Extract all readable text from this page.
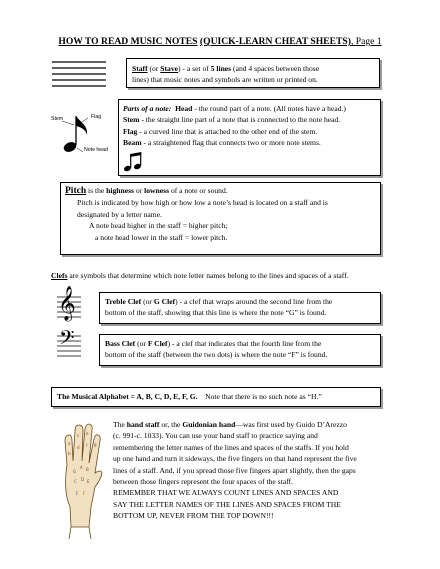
HOW TO READ MUSIC NOTES (QUICK-LEARN CHEAT SHEETS), Page 1
Staff (or Stave) - a set of 5 lines (and 4 spaces between those
lines) that music notes and symbols are written or printed on.
Stem	Flag
Note head
Parts of a note: Head - the round part of a note. (All notes have a head.)
Stem - the straight line part of a note that is connected to the note head.
Flag - a curved line that is attached to the other end of the stem.
Beam - a straightened flag that connects two or more note stems.
Pitch is the highness or lowness of a note or sound.
Pitch is indicated by how high or how low a note’s head is located on a staff and is
designated by a letter name.
A note head higher in the staff = higher pitch;
a note head lower in the staff = lower pitch.
Clefs are symbols that determine which note letter names belong to the lines and spaces of a staff.
𝄞	Treble Clef (or G Clef) - a clef that wraps around the second line from the
bottom of the staff, showing that this line is where the note “G” is found.
𝄢	Bass Clef (or F Clef) - a clef that indicates that the fourth line from the
bottom of the staff (between the two dots) is where the note “F” is found.
The Musical Alphabet = A, B, C, D, E, F, G. Note that there is no such note as “H.”
a
c e
g
b
d f
G
A B
C D E
F Γ
The hand staff or, the Guidonian hand—was first used by Guido D’Arezzo
(c. 991-c. 1033). You can use your hand staff to practice saying and
remembering the letter names of the lines and spaces of the staffs. If you hold
up one hand and turn it sideways, the five fingers on that hand represent the five
lines of a staff. And, if you spread those five fingers apart slightly, then the gaps
between those fingers represent the four spaces of the staff.
REMEMBER THAT WE ALWAYS COUNT LINES AND SPACES AND
SAY THE LETTER NAMES OF THE LINES AND SPACES FROM THE
BOTTOM UP, NEVER FROM THE TOP DOWN!!!
